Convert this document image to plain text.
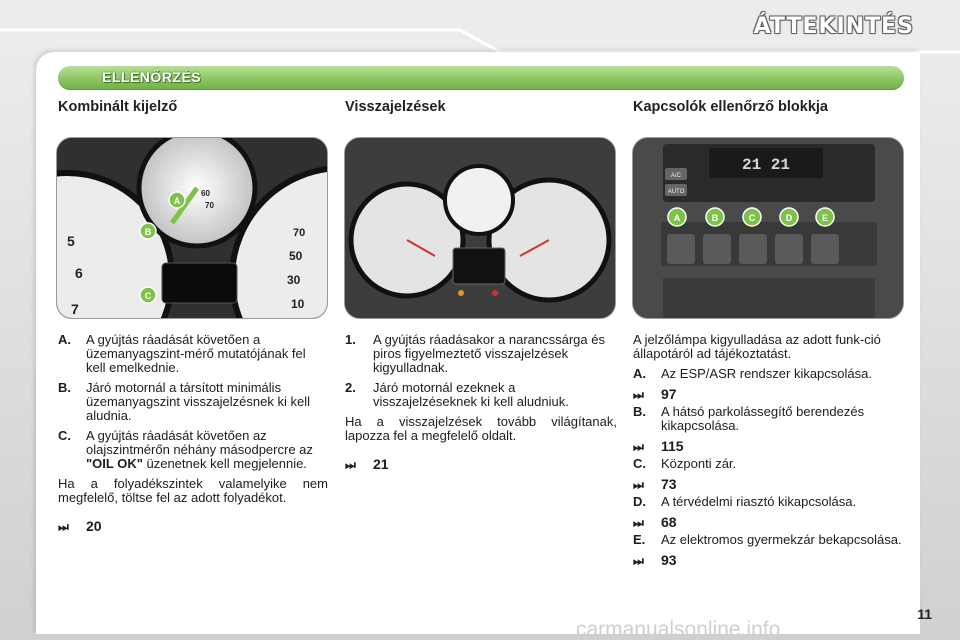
ÁTTEKINTÉS
ELLENŐRZÉS
Kombinált kijelző
5
6
7
70
50
30
10
60
70
A
B
C
A. A gyújtás ráadását követően a üzemanyagszint-mérő mutatójának fel kell emelkednie.
B. Járó motornál a társított minimális üzemanyagszint visszajelzésnek ki kell aludnia.
C. A gyújtás ráadását követően az olajszintmérőn néhány másodpercre az "OIL OK" üzenetnek kell megjelennie.
Ha a folyadékszintek valamelyike nem megfelelő, töltse fel az adott folyadékot.
⏭ 20
Visszajelzések
1. A gyújtás ráadásakor a narancssárga és piros figyelmeztető visszajelzések kigyulladnak.
2. Járó motornál ezeknek a visszajelzéseknek ki kell aludniuk.
Ha a visszajelzések tovább világítanak, lapozza fel a megfelelő oldalt.
⏭ 21
Kapcsolók ellenőrző blokkja
21 21
A/C
AUTO
A	B	C	D	E
A jelzőlámpa kigyulladása az adott funk-ció állapotáról ad tájékoztatást.
A. Az ESP/ASR rendszer kikapcsolása.
⏭ 97
B. A hátsó parkolássegítő berendezés kikapcsolása.
⏭ 115
C. Központi zár.
⏭ 73
D. A térvédelmi riasztó kikapcsolása.
⏭ 68
E. Az elektromos gyermekzár bekapcsolása.
⏭ 93
11
carmanualsonline.info
